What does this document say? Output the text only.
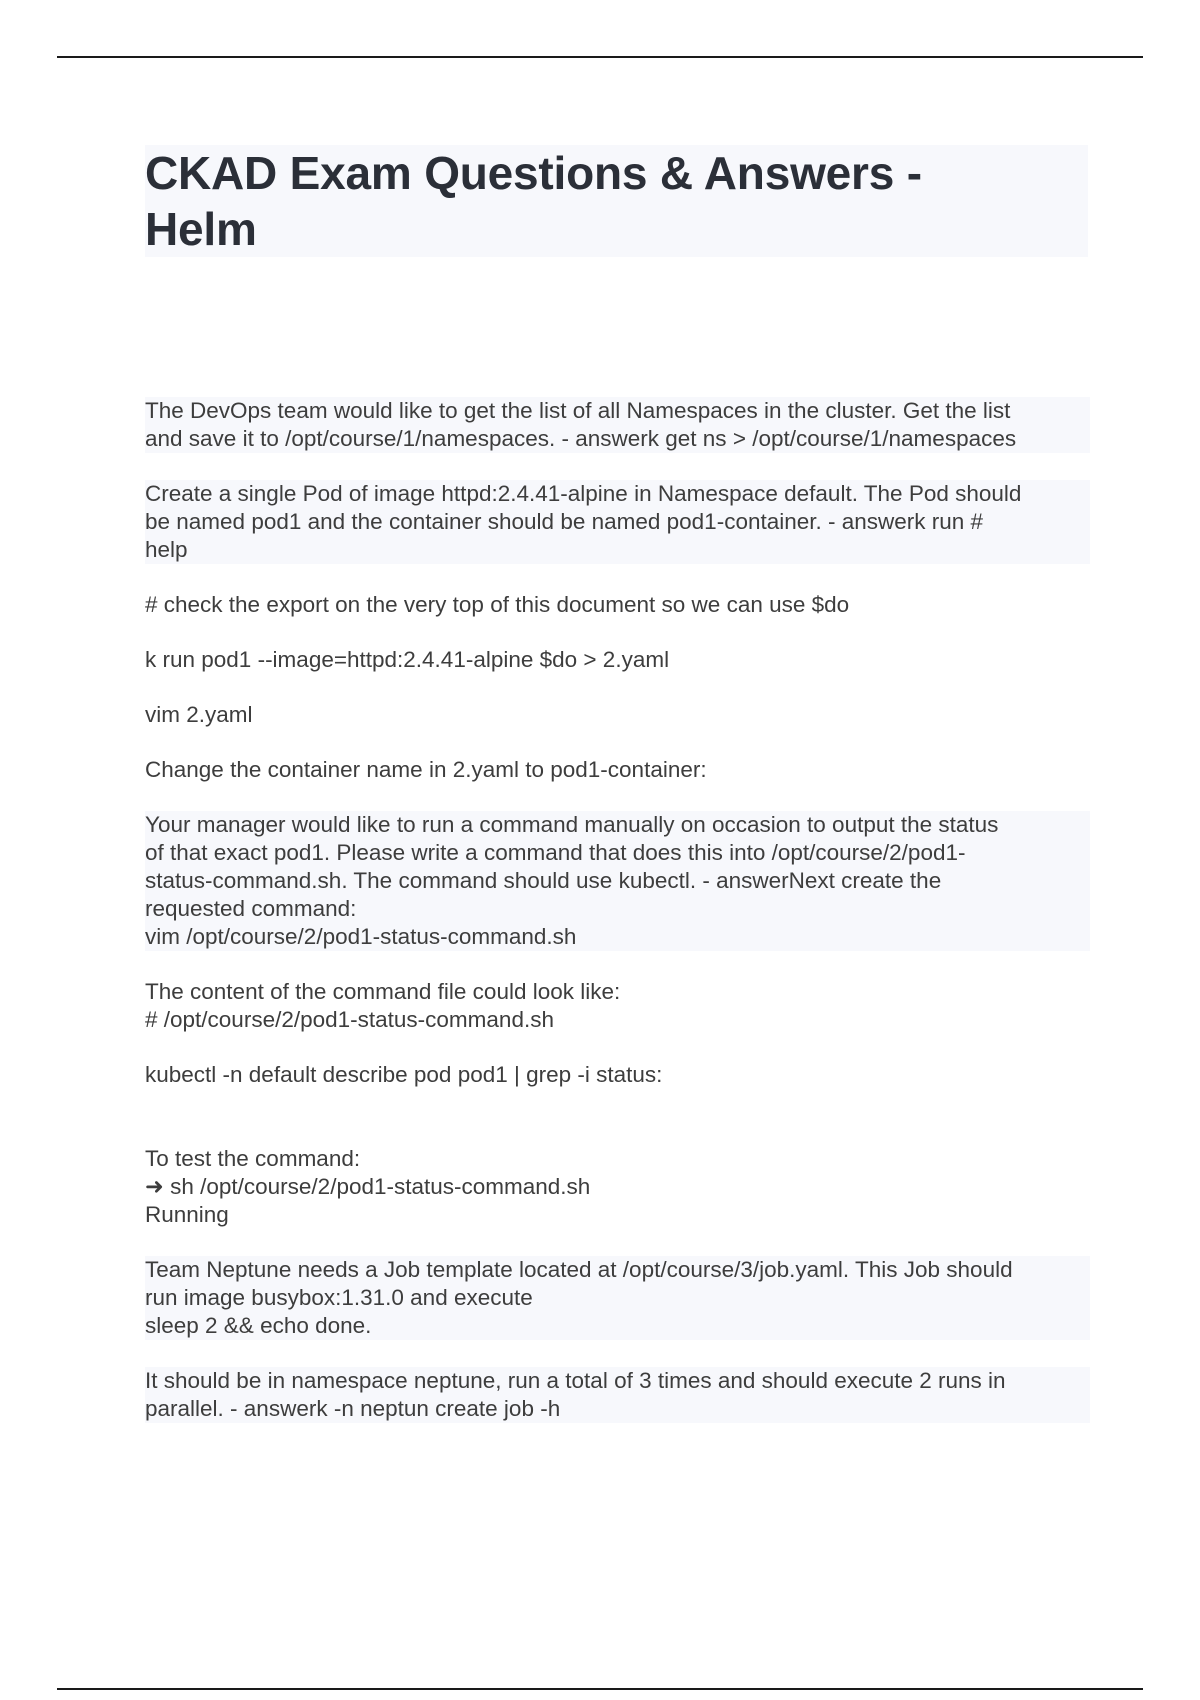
CKAD Exam Questions & Answers -
Helm

The DevOps team would like to get the list of all Namespaces in the cluster. Get the list
and save it to /opt/course/1/namespaces. - answerk get ns > /opt/course/1/namespaces

Create a single Pod of image httpd:2.4.41-alpine in Namespace default. The Pod should
be named pod1 and the container should be named pod1-container. - answerk run #
help

# check the export on the very top of this document so we can use $do

k run pod1 --image=httpd:2.4.41-alpine $do > 2.yaml

vim 2.yaml

Change the container name in 2.yaml to pod1-container:

Your manager would like to run a command manually on occasion to output the status
of that exact pod1. Please write a command that does this into /opt/course/2/pod1-
status-command.sh. The command should use kubectl. - answerNext create the
requested command:
vim /opt/course/2/pod1-status-command.sh

The content of the command file could look like:
# /opt/course/2/pod1-status-command.sh

kubectl -n default describe pod pod1 | grep -i status:

To test the command:
➜ sh /opt/course/2/pod1-status-command.sh
Running

Team Neptune needs a Job template located at /opt/course/3/job.yaml. This Job should
run image busybox:1.31.0 and execute
sleep 2 && echo done.

It should be in namespace neptune, run a total of 3 times and should execute 2 runs in
parallel. - answerk -n neptun create job -h
